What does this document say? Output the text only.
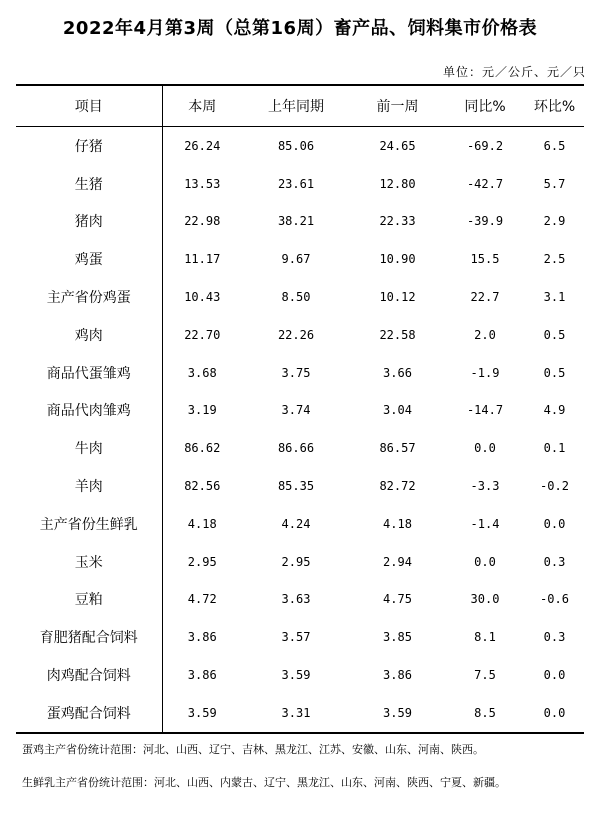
2022年4月第3周（总第16周）畜产品、饲料集市价格表
单位：元／公斤、元／只
项目	本周	上年同期	前一周	同比%	环比%
仔猪	26.24	85.06	24.65	-69.2	6.5
生猪	13.53	23.61	12.80	-42.7	5.7
猪肉	22.98	38.21	22.33	-39.9	2.9
鸡蛋	11.17	9.67	10.90	15.5	2.5
主产省份鸡蛋	10.43	8.50	10.12	22.7	3.1
鸡肉	22.70	22.26	22.58	2.0	0.5
商品代蛋雏鸡	3.68	3.75	3.66	-1.9	0.5
商品代肉雏鸡	3.19	3.74	3.04	-14.7	4.9
牛肉	86.62	86.66	86.57	0.0	0.1
羊肉	82.56	85.35	82.72	-3.3	-0.2
主产省份生鲜乳	4.18	4.24	4.18	-1.4	0.0
玉米	2.95	2.95	2.94	0.0	0.3
豆粕	4.72	3.63	4.75	30.0	-0.6
育肥猪配合饲料	3.86	3.57	3.85	8.1	0.3
肉鸡配合饲料	3.86	3.59	3.86	7.5	0.0
蛋鸡配合饲料	3.59	3.31	3.59	8.5	0.0
蛋鸡主产省份统计范围：河北、山西、辽宁、吉林、黑龙江、江苏、安徽、山东、河南、陕西。
生鲜乳主产省份统计范围：河北、山西、内蒙古、辽宁、黑龙江、山东、河南、陕西、宁夏、新疆。
